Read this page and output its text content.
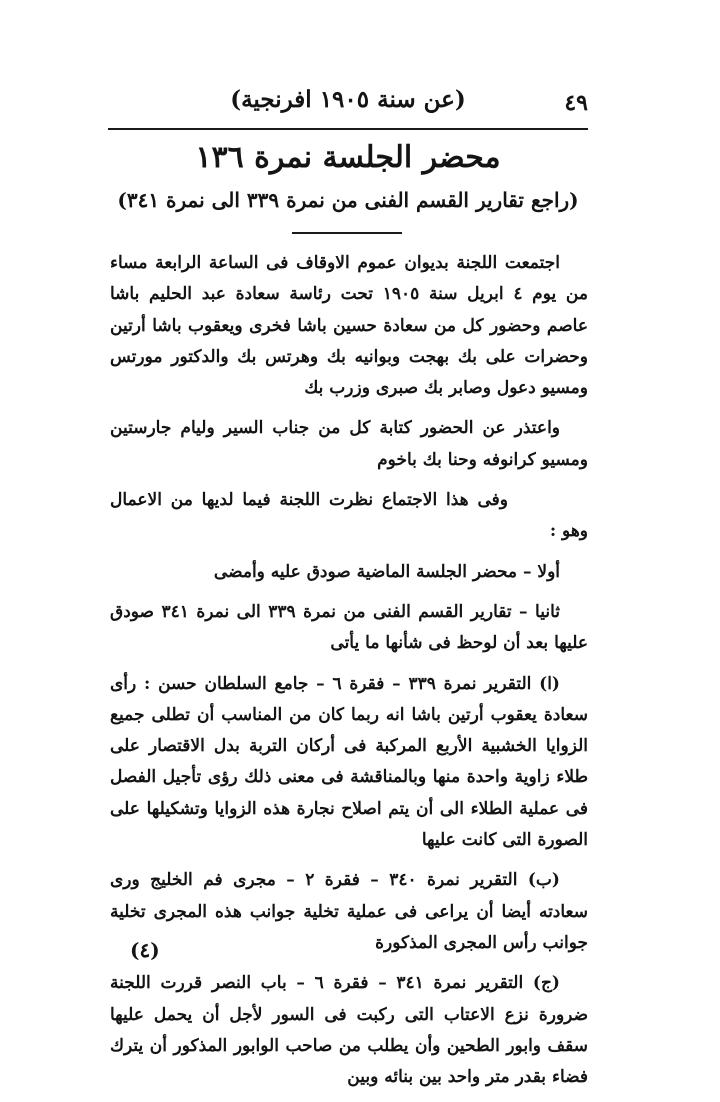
(عن سنة ١٩٠٥ افرنجية)	٤٩
محضر الجلسة نمرة ١٣٦
(راجع تقارير القسم الفنى من نمرة ٣٣٩ الى نمرة ٣٤١)

اجتمعت اللجنة بديوان عموم الاوقاف فى الساعة الرابعة مساء من يوم ٤ ابريل سنة ١٩٠٥ تحت رئاسة سعادة عبد الحليم باشا عاصم وحضور كل من سعادة حسين باشا فخرى ويعقوب باشا أرتين وحضرات على بك بهجت وبوانيه بك وهرتس بك والدكتور مورتس ومسيو دعول وصابر بك صبرى وزرب بك

واعتذر عن الحضور كتابة كل من جناب السير وليام جارستين ومسيو كرانوفه وحنا بك باخوم

وفى هذا الاجتماع نظرت اللجنة فيما لديها من الاعمال وهو :

أولا – محضر الجلسة الماضية صودق عليه وأمضى

ثانيا – تقارير القسم الفنى من نمرة ٣٣٩ الى نمرة ٣٤١ صودق عليها بعد أن لوحظ فى شأنها ما يأتى

(ا) التقرير نمرة ٣٣٩ – فقرة ٦ – جامع السلطان حسن : رأى سعادة يعقوب أرتين باشا انه ربما كان من المناسب أن تطلى جميع الزوايا الخشبية الأربع المركبة فى أركان التربة بدل الاقتصار على طلاء زاوية واحدة منها وبالمناقشة فى معنى ذلك رؤى تأجيل الفصل فى عملية الطلاء الى أن يتم اصلاح نجارة هذه الزوايا وتشكيلها على الصورة التى كانت عليها

(ب) التقرير نمرة ٣٤٠ – فقرة ٢ – مجرى فم الخليج ورى سعادته أيضا أن يراعى فى عملية تخلية جوانب هذه المجرى تخلية جوانب رأس المجرى المذكورة

(ج) التقرير نمرة ٣٤١ – فقرة ٦ – باب النصر قررت اللجنة ضرورة نزع الاعتاب التى ركبت فى السور لأجل أن يحمل عليها سقف وابور الطحين وأن يطلب من صاحب الوابور المذكور أن يترك فضاء بقدر متر واحد بين بنائه وبين

(٤)
